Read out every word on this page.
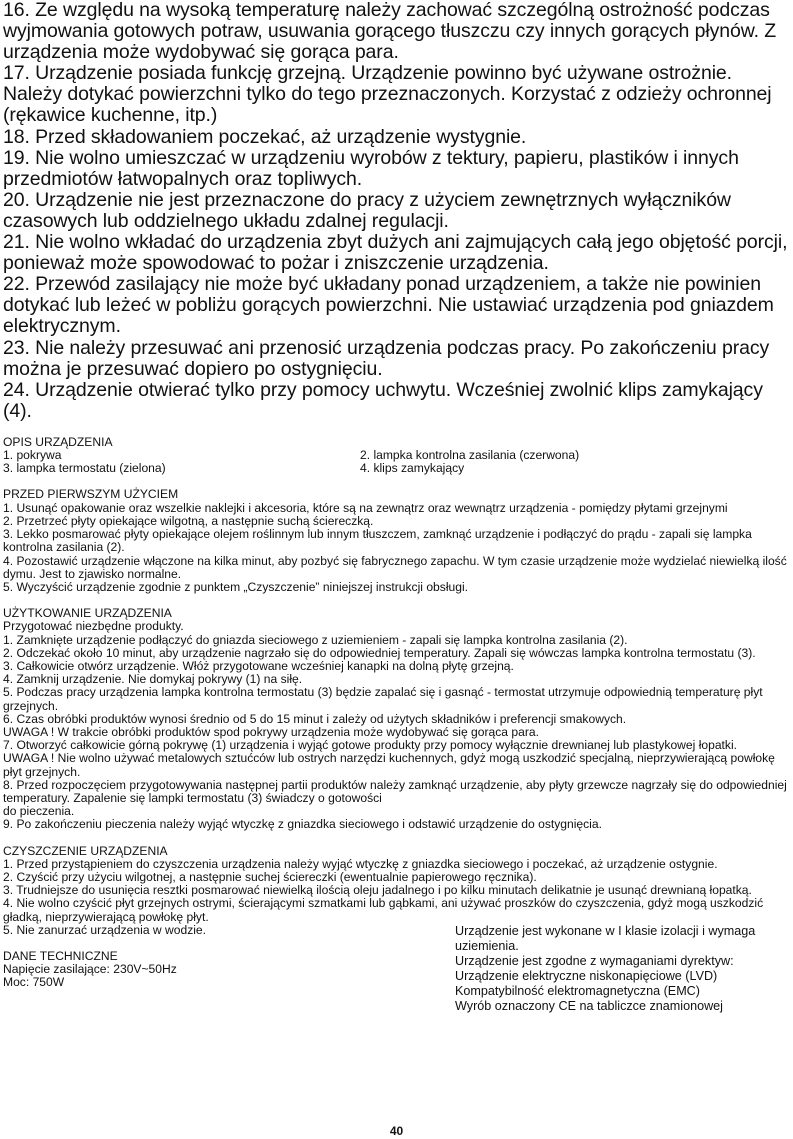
16. Ze względu na wysoką temperaturę należy zachować szczególną ostrożność podczas wyjmowania gotowych potraw, usuwania gorącego tłuszczu czy innych gorących płynów. Z urządzenia może wydobywać się gorąca para.

17. Urządzenie posiada funkcję grzejną. Urządzenie powinno być używane ostrożnie. Należy dotykać powierzchni tylko do tego przeznaczonych. Korzystać z odzieży ochronnej (rękawice kuchenne, itp.)

18. Przed składowaniem poczekać, aż urządzenie wystygnie.

19. Nie wolno umieszczać w urządzeniu wyrobów z tektury, papieru, plastików i innych przedmiotów łatwopalnych oraz topliwych.

20. Urządzenie nie jest przeznaczone do pracy z użyciem zewnętrznych wyłączników czasowych lub oddzielnego układu zdalnej regulacji.

21. Nie wolno wkładać do urządzenia zbyt dużych ani zajmujących całą jego objętość porcji, ponieważ może spowodować to pożar i zniszczenie urządzenia.

22. Przewód zasilający nie może być układany ponad urządzeniem, a także nie powinien dotykać lub leżeć w pobliżu gorących powierzchni. Nie ustawiać urządzenia pod gniazdem elektrycznym.

23. Nie należy przesuwać ani przenosić urządzenia podczas pracy. Po zakończeniu pracy można je przesuwać dopiero po ostygnięciu.

24. Urządzenie otwierać tylko przy pomocy uchwytu. Wcześniej zwolnić klips zamykający (4).

OPIS URZĄDZENIA

1. pokrywa	2. lampka kontrolna zasilania (czerwona)
3. lampka termostatu (zielona)	4. klips zamykający

PRZED PIERWSZYM UŻYCIEM

1. Usunąć opakowanie oraz wszelkie naklejki i akcesoria, które są na zewnątrz oraz wewnątrz urządzenia - pomiędzy płytami grzejnymi

2. Przetrzeć płyty opiekające wilgotną, a następnie suchą ściereczką.

3. Lekko posmarować płyty opiekające olejem roślinnym lub innym tłuszczem, zamknąć urządzenie i podłączyć do prądu - zapali się lampka kontrolna zasilania (2).

4. Pozostawić urządzenie włączone na kilka minut, aby pozbyć się fabrycznego zapachu. W tym czasie urządzenie może wydzielać niewielką ilość dymu. Jest to zjawisko normalne.

5. Wyczyścić urządzenie zgodnie z punktem „Czyszczenie” niniejszej instrukcji obsługi.

UŻYTKOWANIE URZĄDZENIA

Przygotować niezbędne produkty.

1. Zamknięte urządzenie podłączyć do gniazda sieciowego z uziemieniem - zapali się lampka kontrolna zasilania (2).

2. Odczekać około 10 minut, aby urządzenie nagrzało się do odpowiedniej temperatury. Zapali się wówczas lampka kontrolna termostatu (3).

3. Całkowicie otwórz urządzenie. Włóż przygotowane wcześniej kanapki na dolną płytę grzejną.

4. Zamknij urządzenie. Nie domykaj pokrywy (1) na siłę.

5. Podczas pracy urządzenia lampka kontrolna termostatu (3) będzie zapalać się i gasnąć - termostat utrzymuje odpowiednią temperaturę płyt grzejnych.

6. Czas obróbki produktów wynosi średnio od 5 do 15 minut i zależy od użytych składników i preferencji smakowych.

UWAGA ! W trakcie obróbki produktów spod pokrywy urządzenia może wydobywać się gorąca para.

7. Otworzyć całkowicie górną pokrywę (1) urządzenia i wyjąć gotowe produkty przy pomocy wyłącznie drewnianej lub plastykowej łopatki.

UWAGA ! Nie wolno używać metalowych sztućców lub ostrych narzędzi kuchennych, gdyż mogą uszkodzić specjalną, nieprzywierającą powłokę płyt grzejnych.

8. Przed rozpoczęciem przygotowywania następnej partii produktów należy zamknąć urządzenie, aby płyty grzewcze nagrzały się do odpowiedniej temperatury. Zapalenie się lampki termostatu (3) świadczy o gotowości

do pieczenia.

9. Po zakończeniu pieczenia należy wyjąć wtyczkę z gniazdka sieciowego i odstawić urządzenie do ostygnięcia.

CZYSZCZENIE URZĄDZENIA

1. Przed przystąpieniem do czyszczenia urządzenia należy wyjąć wtyczkę z gniazdka sieciowego i poczekać, aż urządzenie ostygnie.

2. Czyścić przy użyciu wilgotnej, a następnie suchej ściereczki (ewentualnie papierowego ręcznika).

3. Trudniejsze do usunięcia resztki posmarować niewielką ilością oleju jadalnego i po kilku minutach delikatnie je usunąć drewnianą łopatką.

4. Nie wolno czyścić płyt grzejnych ostrymi, ścierającymi szmatkami lub gąbkami, ani używać proszków do czyszczenia, gdyż mogą uszkodzić gładką, nieprzywierającą powłokę płyt.

Urządzenie jest wykonane w I klasie izolacji i wymaga uziemienia.

Urządzenie jest zgodne z wymaganiami dyrektyw:

Urządzenie elektryczne niskonapięciowe (LVD)

Kompatybilność elektromagnetyczna (EMC)

Wyrób oznaczony CE na tabliczce znamionowej

5. Nie zanurzać urządzenia w wodzie.

DANE TECHNICZNE

Napięcie zasilające: 230V~50Hz

Moc: 750W

40
